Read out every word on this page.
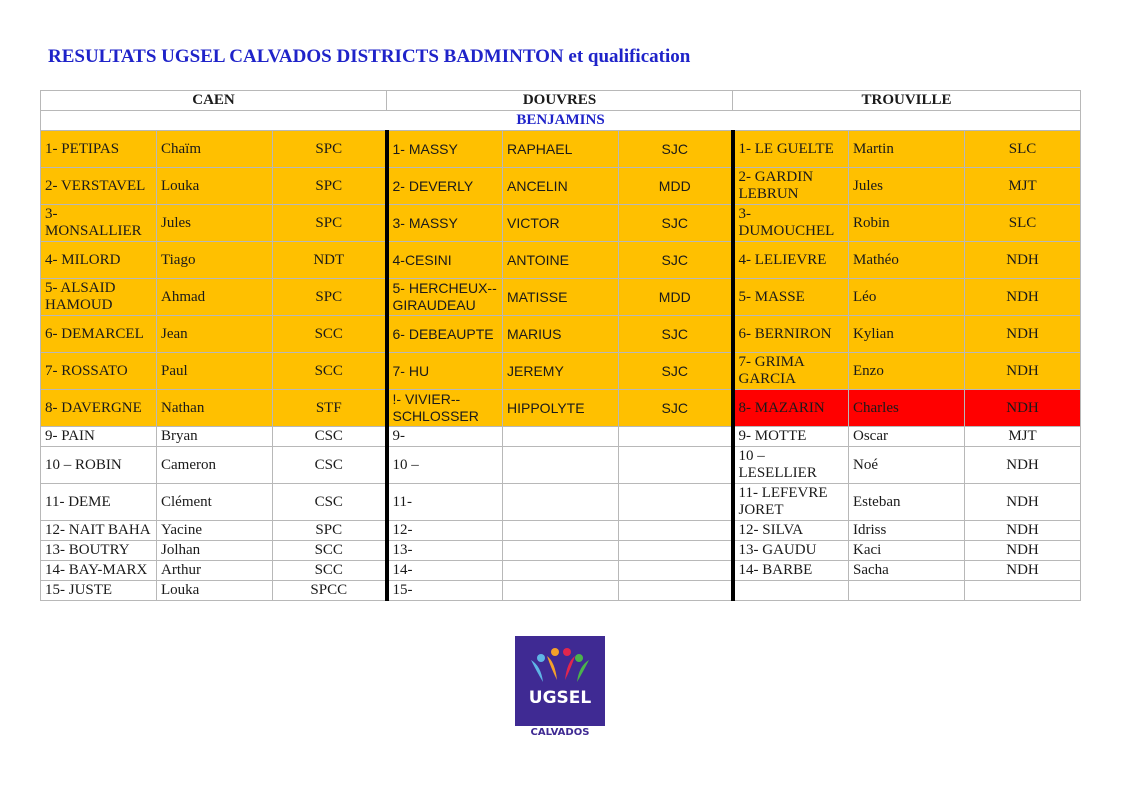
RESULTATS UGSEL CALVADOS DISTRICTS BADMINTON et qualification
CAEN			DOUVRES			TROUVILLE		
BENJAMINS								
1- PETIPAS	Chaïm	SPC	1- MASSY	RAPHAEL	SJC	1- LE GUELTE	Martin	SLC
2- VERSTAVEL	Louka	SPC	2- DEVERLY	ANCELIN	MDD	2- GARDIN LEBRUN	Jules	MJT
3- MONSALLIER	Jules	SPC	3- MASSY	VICTOR	SJC	3- DUMOUCHEL	Robin	SLC
4- MILORD	Tiago	NDT	4-CESINI	ANTOINE	SJC	4- LELIEVRE	Mathéo	NDH
5- ALSAID HAMOUD	Ahmad	SPC	5- HERCHEUX--GIRAUDEAU	MATISSE	MDD	5- MASSE	Léo	NDH
6- DEMARCEL	Jean	SCC	6- DEBEAUPTE	MARIUS	SJC	6- BERNIRON	Kylian	NDH
7- ROSSATO	Paul	SCC	7- HU	JEREMY	SJC	7- GRIMA GARCIA	Enzo	NDH
8- DAVERGNE	Nathan	STF	!- VIVIER--SCHLOSSER	HIPPOLYTE	SJC	8- MAZARIN	Charles	NDH
9- PAIN	Bryan	CSC	9-			9- MOTTE	Oscar	MJT
10 – ROBIN	Cameron	CSC	10 –			10 – LESELLIER	Noé	NDH
11- DEME	Clément	CSC	11-			11- LEFEVRE JORET	Esteban	NDH
12- NAIT BAHA	Yacine	SPC	12-			12- SILVA	Idriss	NDH
13- BOUTRY	Jolhan	SCC	13-			13- GAUDU	Kaci	NDH
14- BAY-MARX	Arthur	SCC	14-			14- BARBE	Sacha	NDH
15- JUSTE	Louka	SPCC	15-					
UGSEL
CALVADOS
